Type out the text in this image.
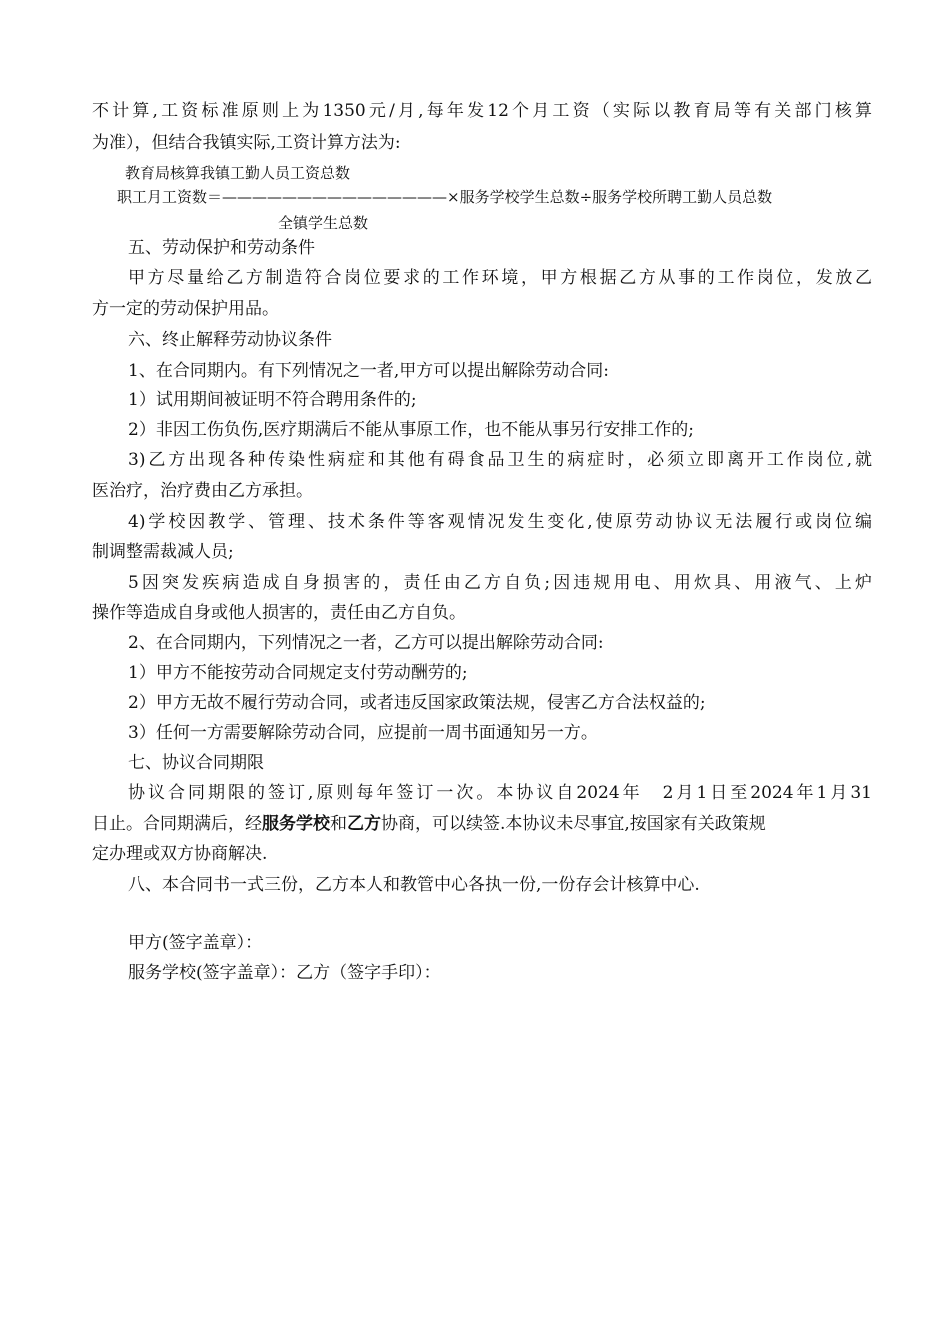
不计算,工资标准原则上为1350元/月,每年发12个月工资（实际以教育局等有关部门核算
为准），但结合我镇实际,工资计算方法为:
教育局核算我镇工勤人员工资总数
职工月工资数＝———————————————×服务学校学生总数÷服务学校所聘工勤人员总数
全镇学生总数
五、劳动保护和劳动条件
甲方尽量给乙方制造符合岗位要求的工作环境，甲方根据乙方从事的工作岗位，发放乙
方一定的劳动保护用品。
六、终止解释劳动协议条件
1、在合同期内。有下列情况之一者,甲方可以提出解除劳动合同:
1）试用期间被证明不符合聘用条件的;
2）非因工伤负伤,医疗期满后不能从事原工作，也不能从事另行安排工作的;
3)乙方出现各种传染性病症和其他有碍食品卫生的病症时，必须立即离开工作岗位,就
医治疗，治疗费由乙方承担。
4)学校因教学、管理、技术条件等客观情况发生变化,使原劳动协议无法履行或岗位编
制调整需裁减人员;
5因突发疾病造成自身损害的，责任由乙方自负;因违规用电、用炊具、用液气、上炉
操作等造成自身或他人损害的，责任由乙方自负。
2、在合同期内，下列情况之一者，乙方可以提出解除劳动合同:
1）甲方不能按劳动合同规定支付劳动酬劳的;
2）甲方无故不履行劳动合同，或者违反国家政策法规，侵害乙方合法权益的;
3）任何一方需要解除劳动合同，应提前一周书面通知另一方。
七、协议合同期限
协议合同期限的签订,原则每年签订一次。本协议自2024年　2月1日至2024年1月31
日止。合同期满后，经服务学校和乙方协商，可以续签.本协议未尽事宜,按国家有关政策规
定办理或双方协商解决.
八、本合同书一式三份，乙方本人和教管中心各执一份,一份存会计核算中心.
甲方(签字盖章）：
服务学校(签字盖章）：乙方（签字手印）：
